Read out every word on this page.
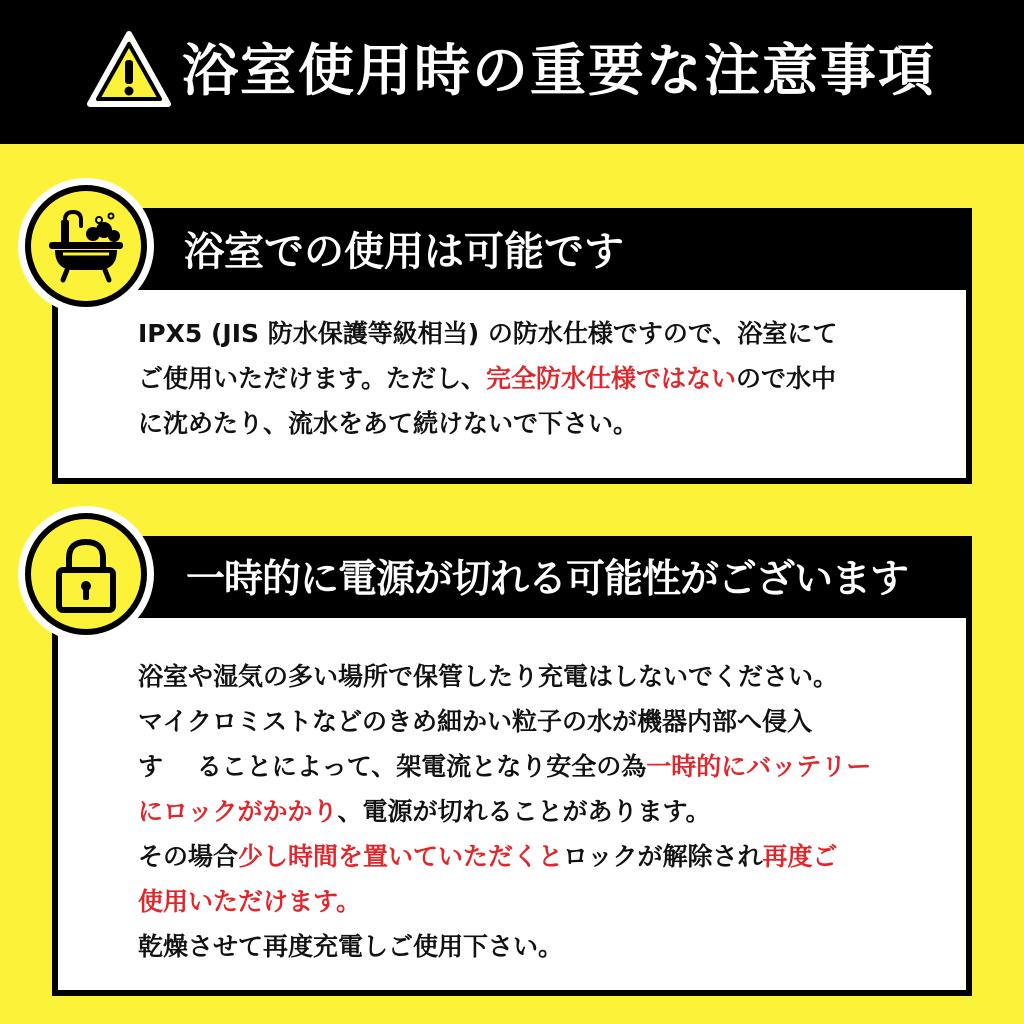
浴室使用時の重要な注意事項
浴室での使用は可能です
IPX5 (JIS 防水保護等級相当) の防水仕様ですので、浴室にて
ご使用いただけます。ただし、完全防水仕様ではないので水中
に沈めたり、流水をあて続けないで下さい。
一時的に電源が切れる可能性がございます
浴室や湿気の多い場所で保管したり充電はしないでください。
マイクロミストなどのきめ細かい粒子の水が機器内部へ侵入
す　 ることによって、架電流となり安全の為一時的にバッテリー
にロックがかかり、電源が切れることがあります。
その場合少し時間を置いていただくとロックが解除され再度ご
使用いただけます。
乾燥させて再度充電しご使用下さい。
